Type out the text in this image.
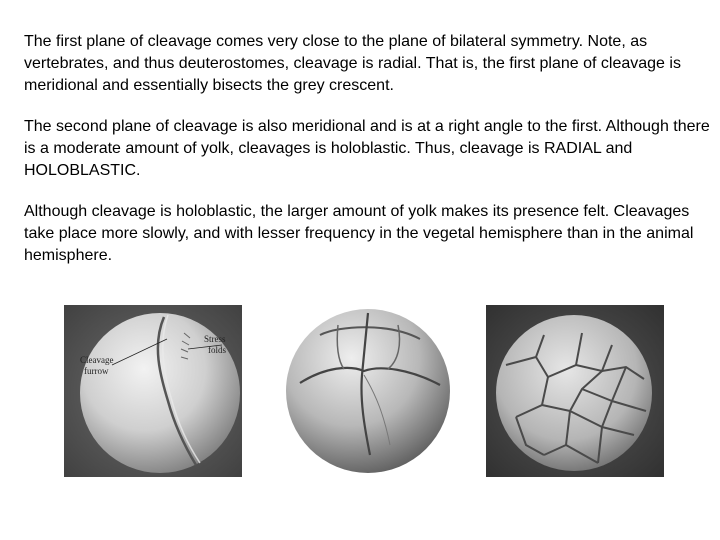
The first plane of cleavage comes very close to the plane of bilateral symmetry. Note, as vertebrates, and thus deuterostomes, cleavage is radial. That is, the first plane of cleavage is meridional and essentially bisects the grey crescent.

The second plane of cleavage is also meridional and is at a right angle to the first. Although there is a moderate amount of yolk, cleavages is holoblastic. Thus, cleavage is RADIAL and HOLOBLASTIC.

Although cleavage is holoblastic, the larger amount of yolk makes its presence felt. Cleavages take place more slowly, and with lesser frequency in the vegetal hemisphere than in the animal hemisphere.

Cleavage
furrow
Stress
folds
